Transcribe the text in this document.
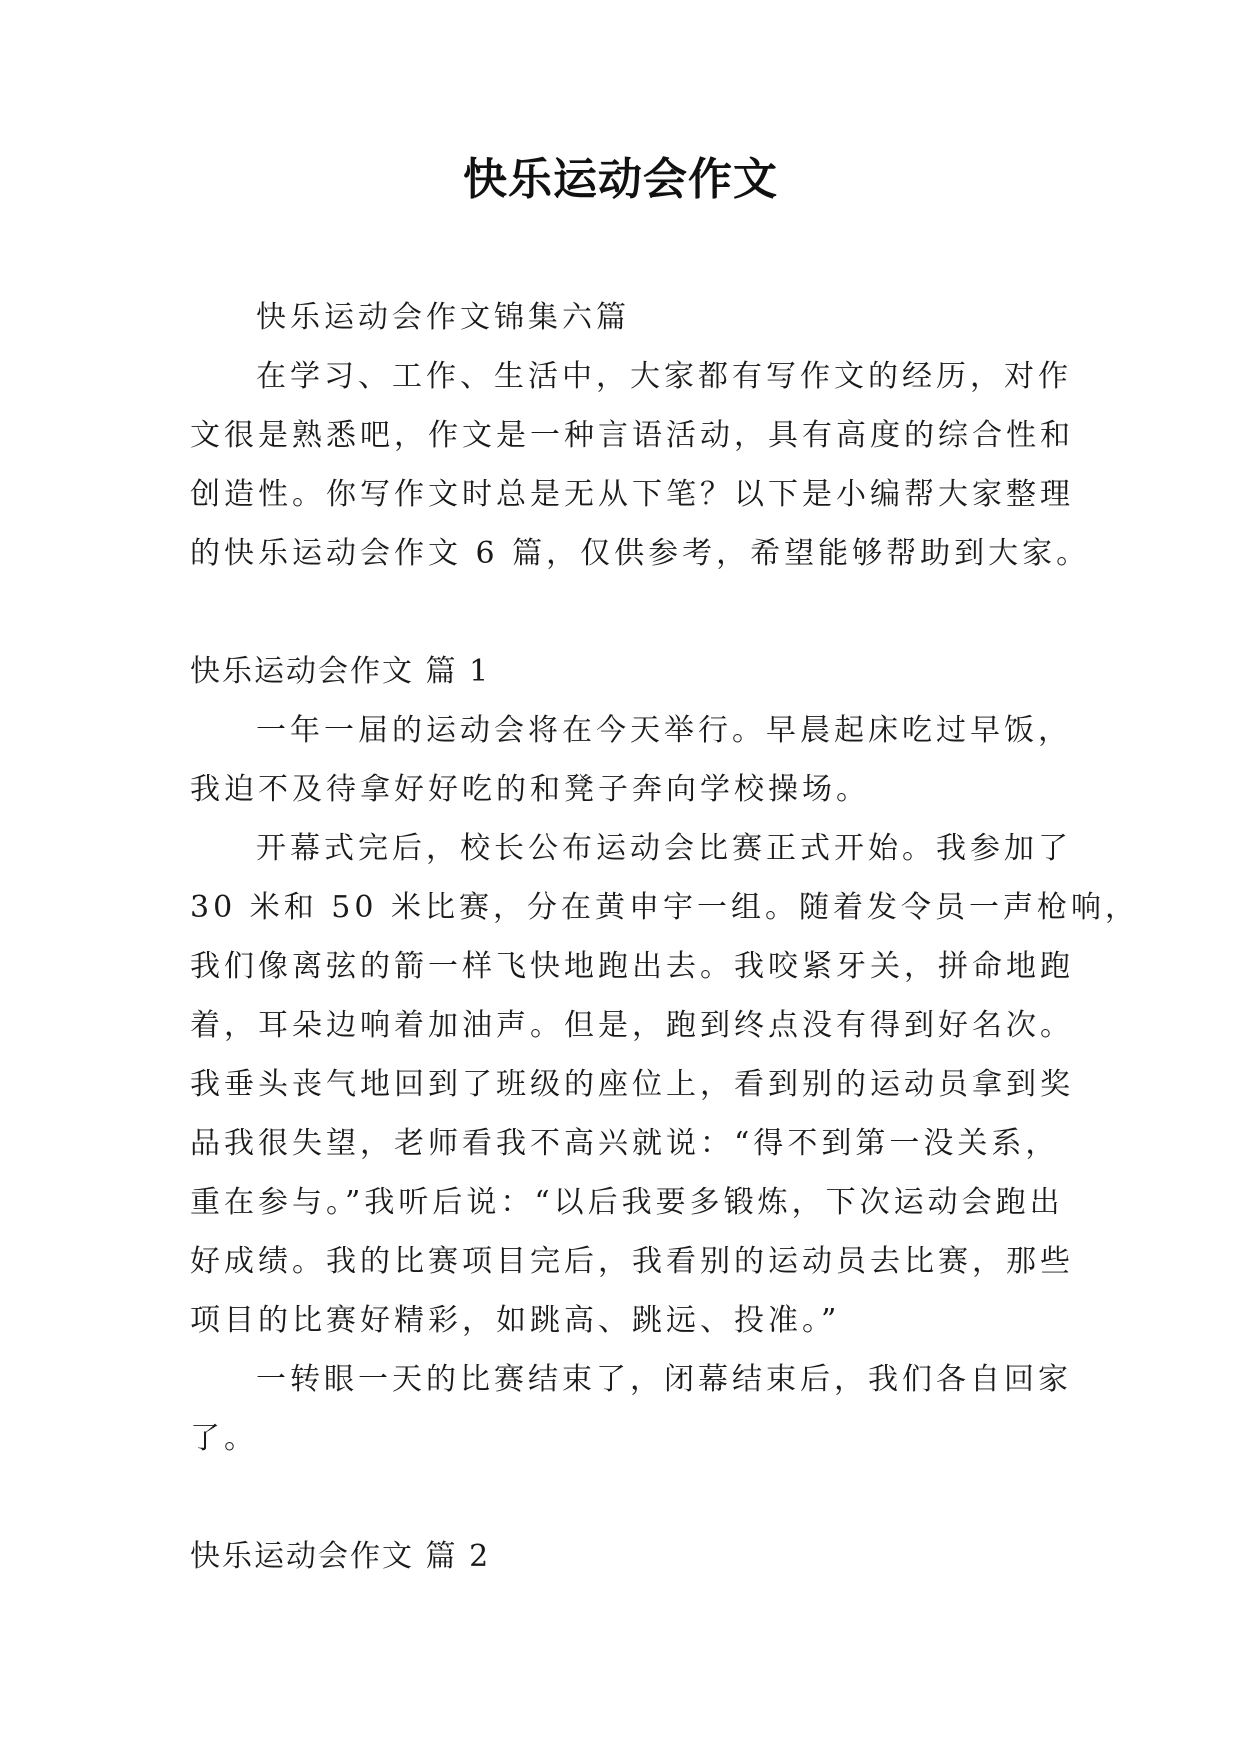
快乐运动会作文
快乐运动会作文锦集六篇
在学习、工作、生活中，大家都有写作文的经历，对作
文很是熟悉吧，作文是一种言语活动，具有高度的综合性和
创造性。你写作文时总是无从下笔？以下是小编帮大家整理
的快乐运动会作文 6 篇，仅供参考，希望能够帮助到大家。
快乐运动会作文 篇 1
一年一届的运动会将在今天举行。早晨起床吃过早饭，
我迫不及待拿好好吃的和凳子奔向学校操场。
开幕式完后，校长公布运动会比赛正式开始。我参加了
30 米和 50 米比赛，分在黄申宇一组。随着发令员一声枪响，
我们像离弦的箭一样飞快地跑出去。我咬紧牙关，拼命地跑
着，耳朵边响着加油声。但是，跑到终点没有得到好名次。
我垂头丧气地回到了班级的座位上，看到别的运动员拿到奖
品我很失望，老师看我不高兴就说：“得不到第一没关系，
重在参与。”我听后说：“以后我要多锻炼，下次运动会跑出
好成绩。我的比赛项目完后，我看别的运动员去比赛，那些
项目的比赛好精彩，如跳高、跳远、投准。”
一转眼一天的比赛结束了，闭幕结束后，我们各自回家
了。
快乐运动会作文 篇 2
